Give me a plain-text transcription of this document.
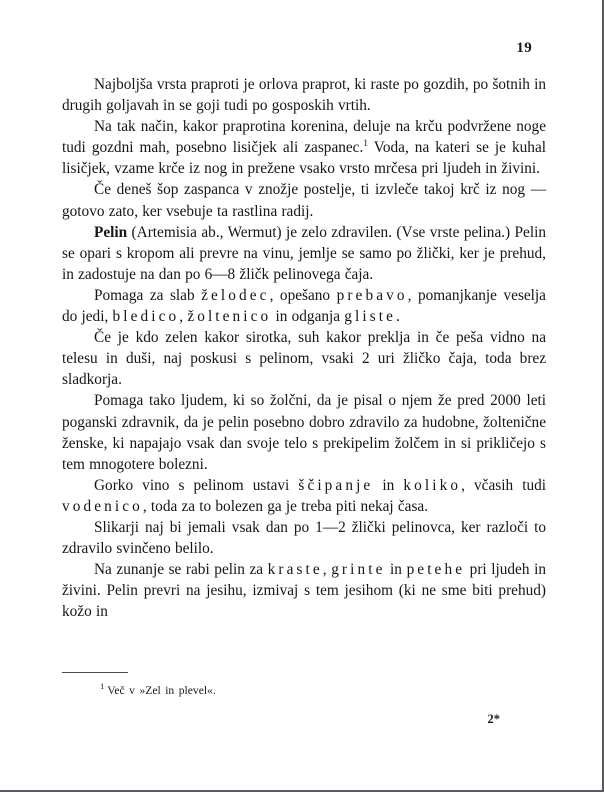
19

Najboljša vrsta praproti je orlova praprot, ki raste po gozdih, po šotnih in drugih goljavah in se goji tudi po gosposkih vrtih.

Na tak način, kakor praprotina korenina, deluje na krču podvržene noge tudi gozdni mah, posebno lisičjek ali zaspanec.$^1$ Voda, na kateri se je kuhal lisičjek, vzame krče iz nog in prežene vsako vrsto mrčesa pri ljudeh in živini.

Če deneš šop zaspanca v znožje postelje, ti izvleče takoj krč iz nog — gotovo zato, ker vsebuje ta rastlina radij.

Pelin (Artemisia ab., Wermut) je zelo zdravilen. (Vse vrste pelina.) Pelin se opari s kropom ali prevre na vinu, jemlje se samo po žlički, ker je prehud, in zadostuje na dan po 6—8 žličk pelinovega čaja.

Pomaga za slab želodec, opešano prebavo, pomanjkanje veselja do jedi, bledico, žoltenico in odganja gliste.

Če je kdo zelen kakor sirotka, suh kakor preklja in če peša vidno na telesu in duši, naj poskusi s pelinom, vsaki 2 uri žličko čaja, toda brez sladkorja.

Pomaga tako ljudem, ki so žolčni, da je pisal o njem že pred 2000 leti poganski zdravnik, da je pelin posebno dobro zdravilo za hudobne, žoltenične ženske, ki napajajo vsak dan svoje telo s prekipelim žolčem in si prikličejo s tem mnogotere bolezni.

Gorko vino s pelinom ustavi ščipanje in koliko, včasih tudi vodenico, toda za to bolezen ga je treba piti nekaj časa.

Slikarji naj bi jemali vsak dan po 1—2 žlički pelinovca, ker razloči to zdravilo svinčeno belilo.

Na zunanje se rabi pelin za kraste, grinte in petehe pri ljudeh in živini. Pelin prevri na jesihu, izmivaj s tem jesihom (ki ne sme biti prehud) kožo in

$^1$ Več v »Zel in plevel«.
2*
